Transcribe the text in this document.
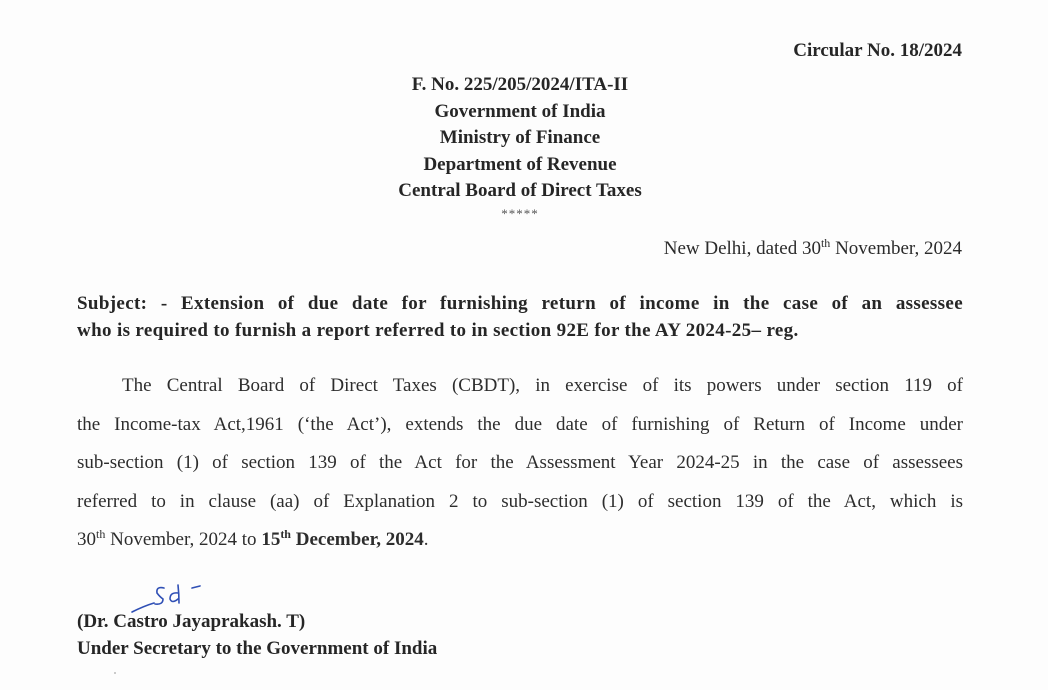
Circular No. 18/2024
F. No. 225/205/2024/ITA-II
Government of India
Ministry of Finance
Department of Revenue
Central Board of Direct Taxes
*****
New Delhi, dated 30th November, 2024
Subject: - Extension of due date for furnishing return of income in the case of an assessee
who is required to furnish a report referred to in section 92E for the AY 2024-25– reg.
The Central Board of Direct Taxes (CBDT), in exercise of its powers under section 119 of
the Income-tax Act,1961 (‘the Act’), extends the due date of furnishing of Return of Income under
sub-section (1) of section 139 of the Act for the Assessment Year 2024-25 in the case of assessees
referred to in clause (aa) of Explanation 2 to sub-section (1) of section 139 of the Act, which is
30th November, 2024 to 15th December, 2024.
(Dr. Castro Jayaprakash. T)
Under Secretary to the Government of India
